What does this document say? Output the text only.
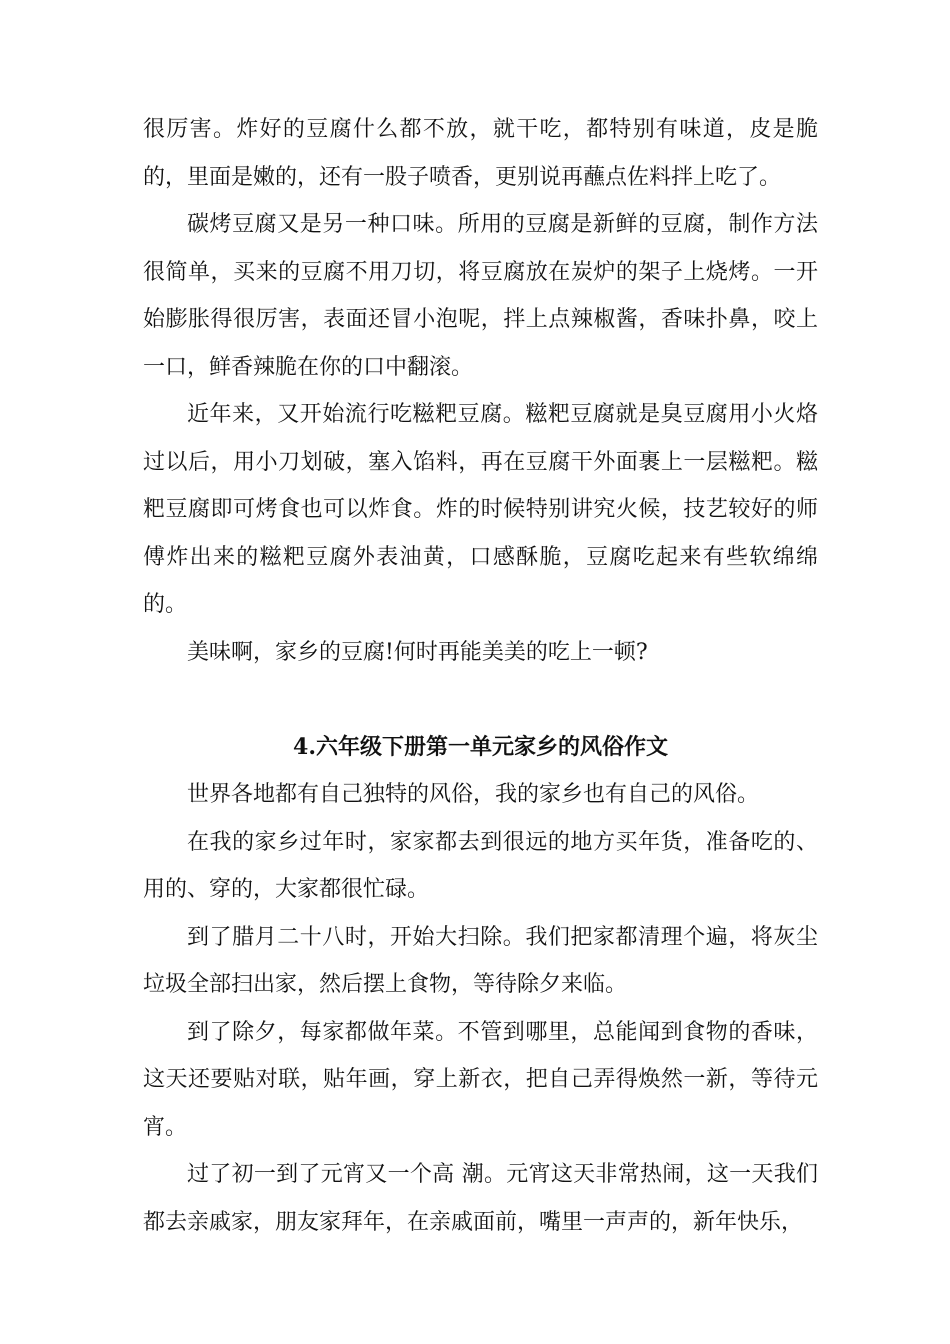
很厉害。炸好的豆腐什么都不放，就干吃，都特别有味道，皮是脆的，里面是嫩的，还有一股子喷香，更别说再蘸点佐料拌上吃了。

碳烤豆腐又是另一种口味。所用的豆腐是新鲜的豆腐，制作方法很简单，买来的豆腐不用刀切，将豆腐放在炭炉的架子上烧烤。一开始膨胀得很厉害，表面还冒小泡呢，拌上点辣椒酱，香味扑鼻，咬上一口，鲜香辣脆在你的口中翻滚。

近年来，又开始流行吃糍粑豆腐。糍粑豆腐就是臭豆腐用小火烙过以后，用小刀划破，塞入馅料，再在豆腐干外面裹上一层糍粑。糍粑豆腐即可烤食也可以炸食。炸的时候特别讲究火候，技艺较好的师傅炸出来的糍粑豆腐外表油黄，口感酥脆，豆腐吃起来有些软绵绵的。

美味啊，家乡的豆腐!何时再能美美的吃上一顿?

4.六年级下册第一单元家乡的风俗作文

世界各地都有自己独特的风俗，我的家乡也有自己的风俗。

在我的家乡过年时，家家都去到很远的地方买年货，准备吃的、用的、穿的，大家都很忙碌。

到了腊月二十八时，开始大扫除。我们把家都清理个遍，将灰尘垃圾全部扫出家，然后摆上食物，等待除夕来临。

到了除夕，每家都做年菜。不管到哪里，总能闻到食物的香味，这天还要贴对联，贴年画，穿上新衣，把自己弄得焕然一新，等待元宵。

过了初一到了元宵又一个高 潮。元宵这天非常热闹，这一天我们都去亲戚家，朋友家拜年，在亲戚面前，嘴里一声声的，新年快乐，
